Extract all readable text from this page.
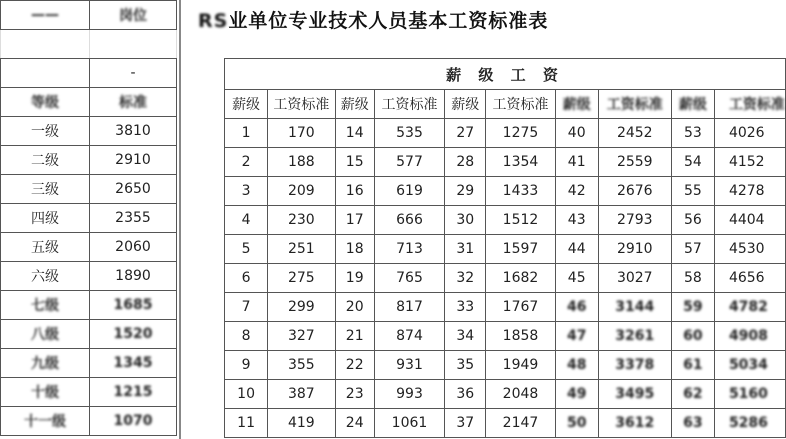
——	岗位

	-
等级	标准
一级	3810
二级	2910
三级	2650
四级	2355
五级	2060
六级	1890
七级	1685
八级	1520
九级	1345
十级	1215
十一级	1070
RS业单位专业技术人员基本工资标准表
薪 级 工 资									
薪级	工资标准	薪级	工资标准	薪级	工资标准	薪级	工资标准	薪级	工资标准
1	170	14	535	27	1275	40	2452	53	4026
2	188	15	577	28	1354	41	2559	54	4152
3	209	16	619	29	1433	42	2676	55	4278
4	230	17	666	30	1512	43	2793	56	4404
5	251	18	713	31	1597	44	2910	57	4530
6	275	19	765	32	1682	45	3027	58	4656
7	299	20	817	33	1767	46	3144	59	4782
8	327	21	874	34	1858	47	3261	60	4908
9	355	22	931	35	1949	48	3378	61	5034
10	387	23	993	36	2048	49	3495	62	5160
11	419	24	1061	37	2147	50	3612	63	5286
